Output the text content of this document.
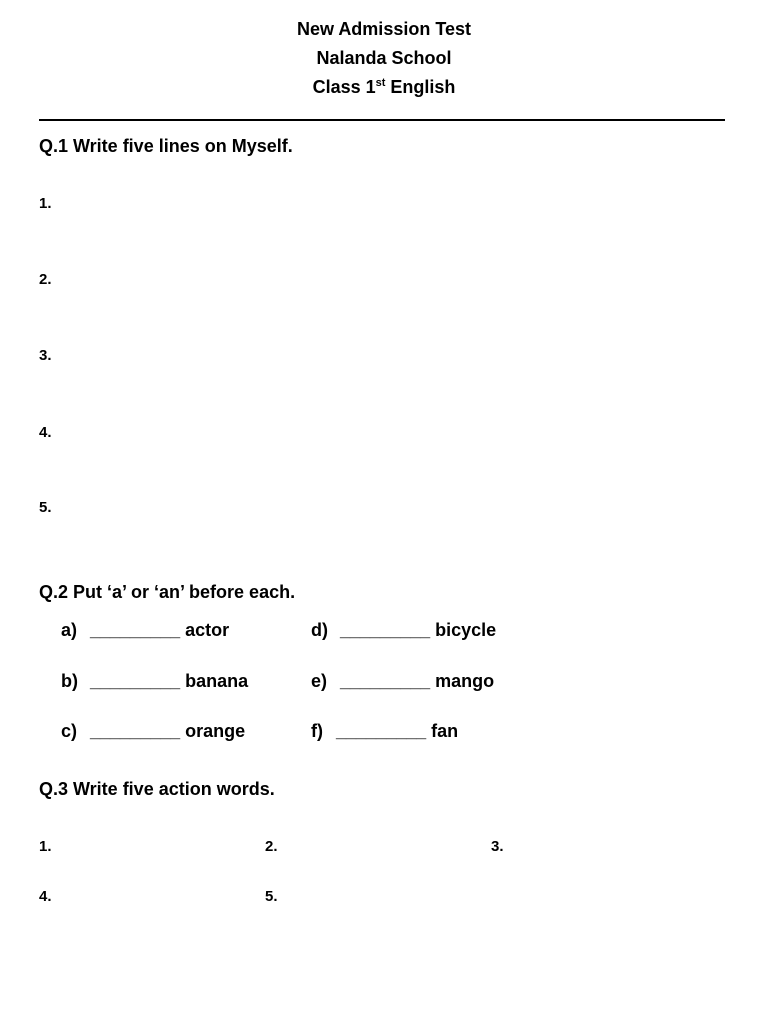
New Admission Test
Nalanda School
Class 1st English
Q.1 Write five lines on Myself.
1.
2.
3.
4.
5.
Q.2 Put ‘a’ or ‘an’ before each.
a) _________ actor
b) _________ banana
c) _________ orange
d) _________ bicycle
e) _________ mango
f) _________ fan
Q.3 Write five action words.
1.	2.	3.
4.	5.
